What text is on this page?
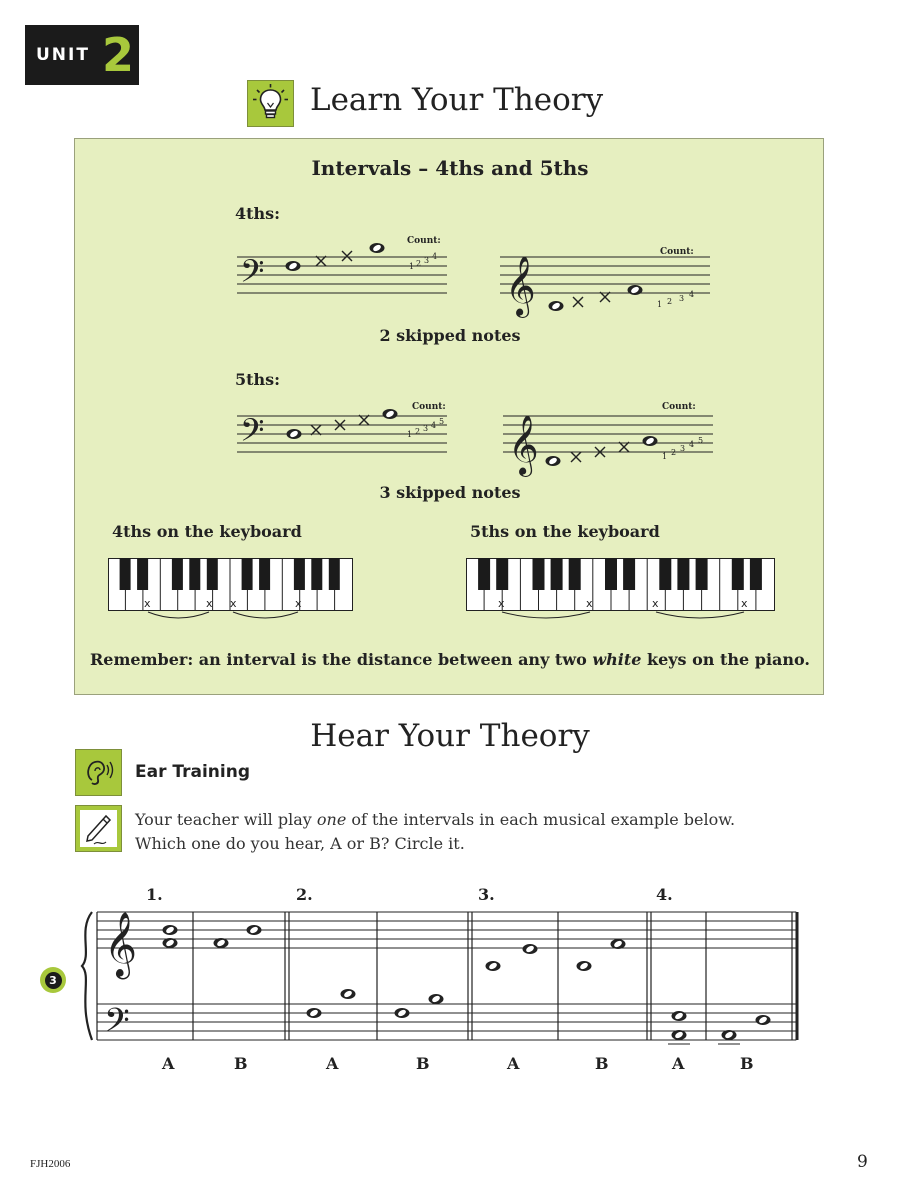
UNIT 2
Learn Your Theory
Intervals – 4ths and 5ths
4ths:
5ths:
𝄢	𝄞
𝄢	𝄞
𝄞
𝄢
Count:
1 2 3 4	Count:
1 2 3 4
Count:
1 2 3 4 5
Count:
1 2 3 4 5
2 skipped notes
3 skipped notes
4ths on the keyboard	5ths on the keyboard
x	x x	x	x	x	x	x
Remember: an interval is the distance between any two white keys on the piano.
Hear Your Theory
Ear Training
Your teacher will play one of the intervals in each musical example below.
Which one do you hear, A or B? Circle it.
3
1.	2.	3.	4.
A	B	A	B	A	B	A	B
FJH2006	9
